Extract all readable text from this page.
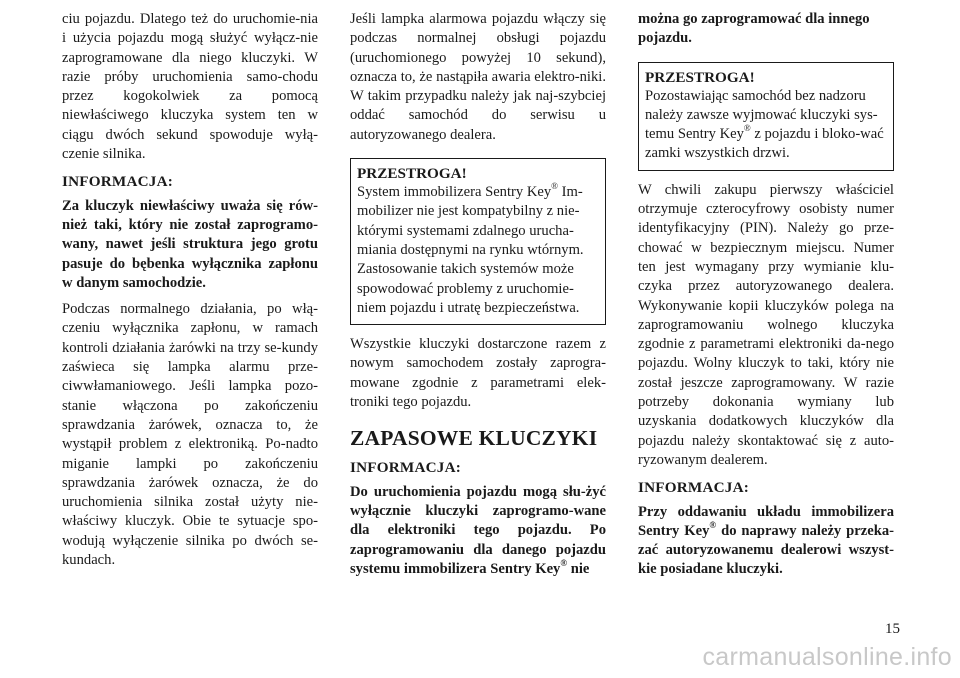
ciu pojazdu. Dlatego też do uruchomie-nia i użycia pojazdu mogą służyć wyłącz-nie zaprogramowane dla niego kluczyki. W razie próby uruchomienia samo-chodu przez kogokolwiek za pomocą niewłaściwego kluczyka system ten w ciągu dwóch sekund spowoduje wyłą-czenie silnika.

INFORMACJA:

Za kluczyk niewłaściwy uważa się rów-nież taki, który nie został zaprogramo-wany, nawet jeśli struktura jego grotu pasuje do bębenka wyłącznika zapłonu w danym samochodzie.

Podczas normalnego działania, po włą-czeniu wyłącznika zapłonu, w ramach kontroli działania żarówki na trzy se-kundy zaświeca się lampka alarmu prze-ciwwłamaniowego. Jeśli lampka pozo-stanie włączona po zakończeniu sprawdzania żarówek, oznacza to, że wystąpił problem z elektroniką. Po-nadto miganie lampki po zakończeniu sprawdzania żarówek oznacza, że do uruchomienia silnika został użyty nie-właściwy kluczyk. Obie te sytuacje spo-wodują wyłączenie silnika po dwóch se-kundach.

Jeśli lampka alarmowa pojazdu włączy się podczas normalnej obsługi pojazdu (uruchomionego powyżej 10 sekund), oznacza to, że nastąpiła awaria elektro-niki. W takim przypadku należy jak naj-szybciej oddać samochód do serwisu u autoryzowanego dealera.

PRZESTROGA!
System immobilizera Sentry Key® Im-mobilizer nie jest kompatybilny z nie-którymi systemami zdalnego urucha-miania dostępnymi na rynku wtórnym. Zastosowanie takich systemów może spowodować problemy z uruchomie-niem pojazdu i utratę bezpieczeństwa.

Wszystkie kluczyki dostarczone razem z nowym samochodem zostały zaprogra-mowane zgodnie z parametrami elek-troniki tego pojazdu.

ZAPASOWE KLUCZYKI
INFORMACJA:

Do uruchomienia pojazdu mogą słu-żyć wyłącznie kluczyki zaprogramo-wane dla elektroniki tego pojazdu. Po zaprogramowaniu dla danego pojazdu systemu immobilizera Sentry Key® nie

można go zaprogramować dla innego pojazdu.

PRZESTROGA!
Pozostawiając samochód bez nadzoru należy zawsze wyjmować kluczyki sys-temu Sentry Key® z pojazdu i bloko-wać zamki wszystkich drzwi.

W chwili zakupu pierwszy właściciel otrzymuje czterocyfrowy osobisty numer identyfikacyjny (PIN). Należy go prze-chować w bezpiecznym miejscu. Numer ten jest wymagany przy wymianie klu-czyka przez autoryzowanego dealera. Wykonywanie kopii kluczyków polega na zaprogramowaniu wolnego kluczyka zgodnie z parametrami elektroniki da-nego pojazdu. Wolny kluczyk to taki, który nie został jeszcze zaprogramowany. W razie potrzeby dokonania wymiany lub uzyskania dodatkowych kluczyków dla pojazdu należy skontaktować się z auto-ryzowanym dealerem.

INFORMACJA:

Przy oddawaniu układu immobilizera Sentry Key® do naprawy należy przeka-zać autoryzowanemu dealerowi wszyst-kie posiadane kluczyki.

15
carmanualsonline.info
